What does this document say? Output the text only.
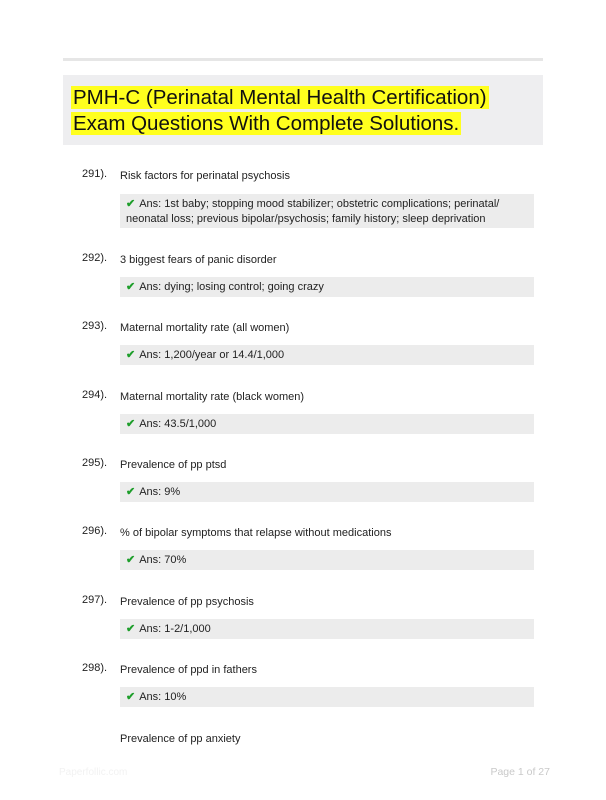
PMH-C (Perinatal Mental Health Certification)
Exam Questions With Complete Solutions.
291). Risk factors for perinatal psychosis
✔ Ans: 1st baby; stopping mood stabilizer; obstetric complications; perinatal/ neonatal loss; previous bipolar/psychosis; family history; sleep deprivation
292). 3 biggest fears of panic disorder
✔ Ans: dying; losing control; going crazy
293). Maternal mortality rate (all women)
✔ Ans: 1,200/year or 14.4/1,000
294). Maternal mortality rate (black women)
✔ Ans: 43.5/1,000
295). Prevalence of pp ptsd
✔ Ans: 9%
296). % of bipolar symptoms that relapse without medications
✔ Ans: 70%
297). Prevalence of pp psychosis
✔ Ans: 1-2/1,000
298). Prevalence of ppd in fathers
✔ Ans: 10%
Prevalence of pp anxiety
Paperfollic.com	Page 1 of 27
